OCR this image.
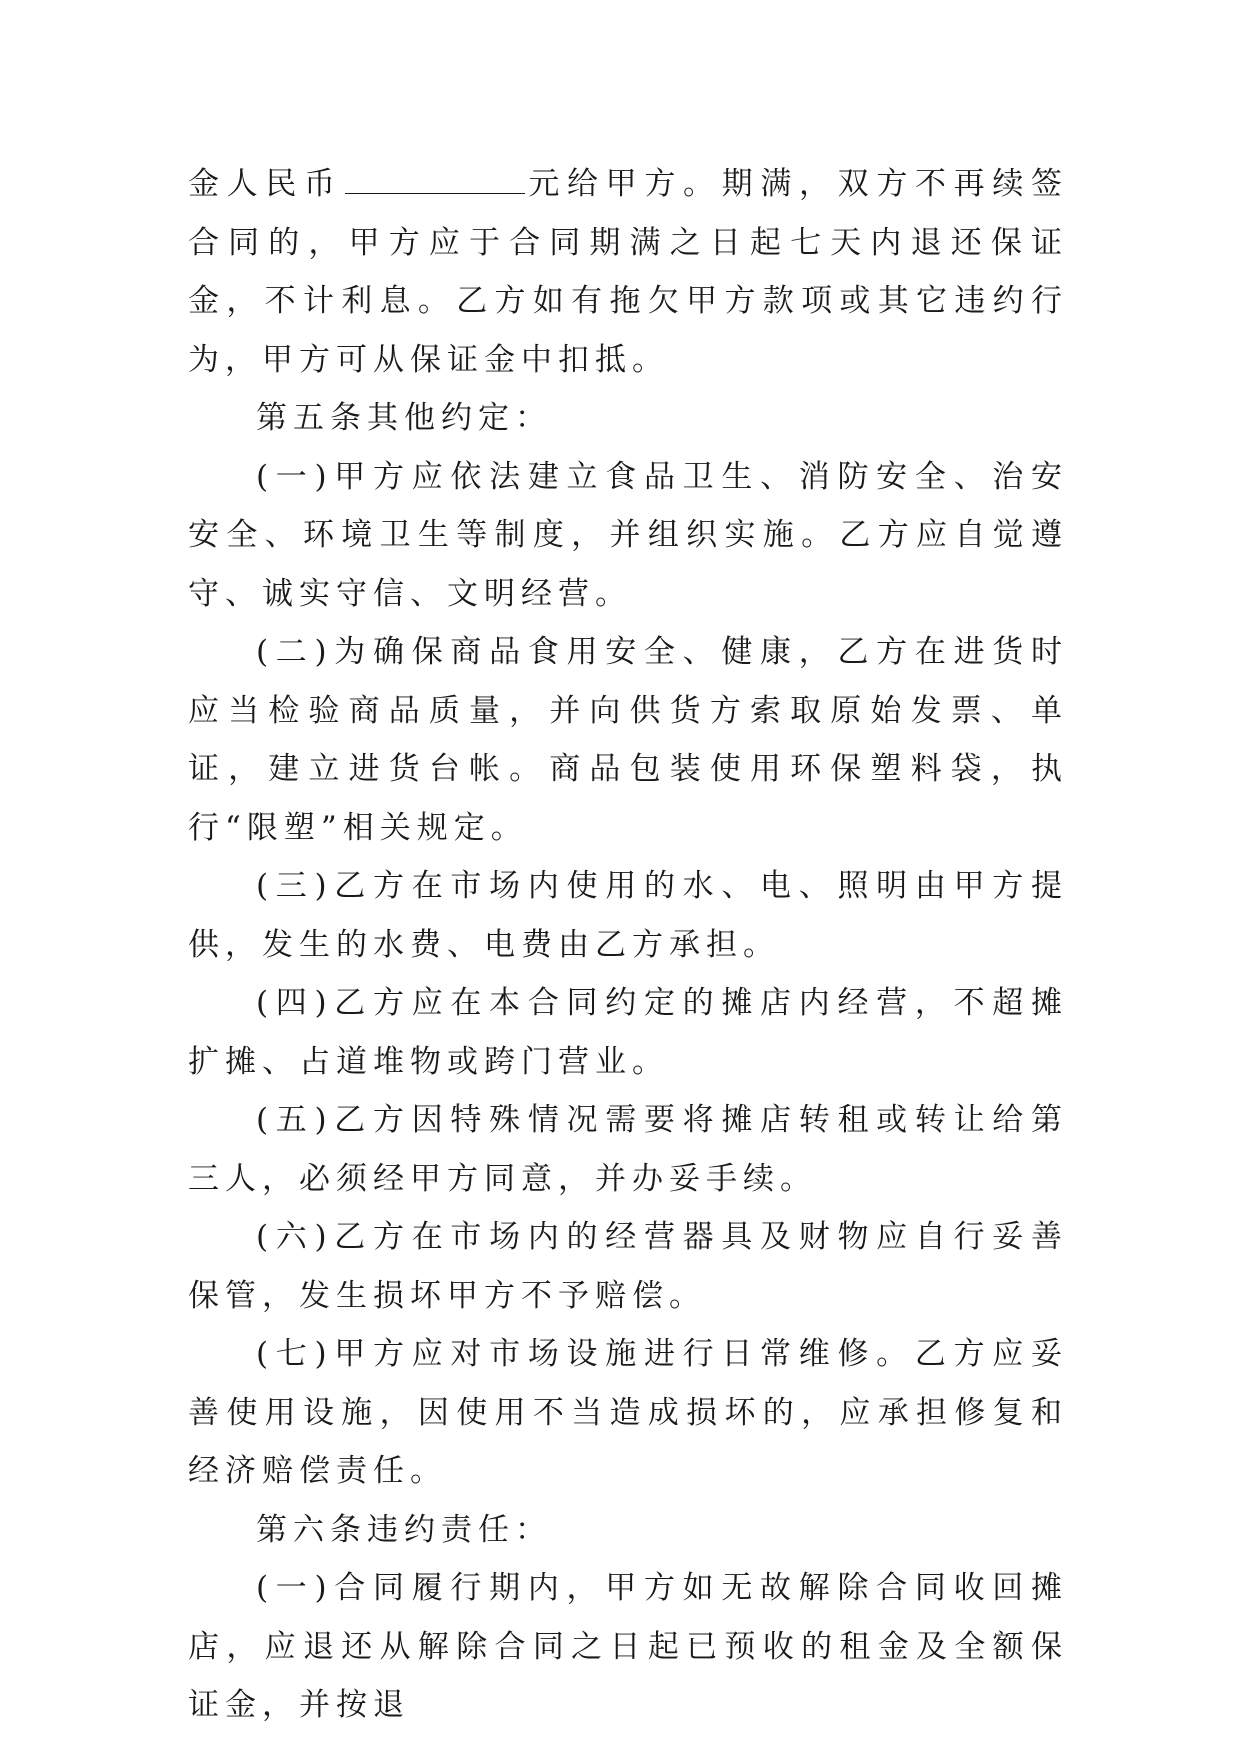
金人民币	元给甲方。期满，双方不再续签合同的，甲方应于合同期满之日起七天内退还保证金，不计利息。乙方如有拖欠甲方款项或其它违约行为，甲方可从保证金中扣抵。

第五条其他约定：

(一)甲方应依法建立食品卫生、消防安全、治安安全、环境卫生等制度，并组织实施。乙方应自觉遵守、诚实守信、文明经营。

(二)为确保商品食用安全、健康，乙方在进货时应当检验商品质量，并向供货方索取原始发票、单证，建立进货台帐。商品包装使用环保塑料袋，执行“限塑”相关规定。

(三)乙方在市场内使用的水、电、照明由甲方提供，发生的水费、电费由乙方承担。

(四)乙方应在本合同约定的摊店内经营，不超摊扩摊、占道堆物或跨门营业。

(五)乙方因特殊情况需要将摊店转租或转让给第三人，必须经甲方同意，并办妥手续。

(六)乙方在市场内的经营器具及财物应自行妥善保管，发生损坏甲方不予赔偿。

(七)甲方应对市场设施进行日常维修。乙方应妥善使用设施，因使用不当造成损坏的，应承担修复和经济赔偿责任。

第六条违约责任：

(一)合同履行期内，甲方如无故解除合同收回摊店，应退还从解除合同之日起已预收的租金及全额保证金，并按退
